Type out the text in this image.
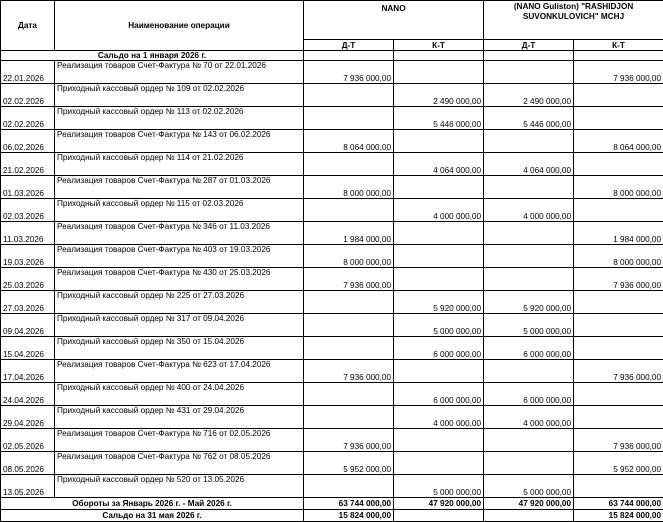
Дата	Наименование операции	NANO		(NANO Guliston) "RASHIDJON
SUVONKULOVICH" MCHJ	
		Д-Т	К-Т	Д-Т	К-Т
Сальдо на 1 января 2026 г.					
22.01.2026	Реализация товаров Счет-Фактура № 70 от 22.01.2026	7 936 000,00			7 936 000,00
02.02.2026	Приходный кассовый ордер № 109 от 02.02.2026		2 490 000,00	2 490 000,00	
02.02.2026	Приходный кассовый ордер № 113 от 02.02.2026		5 446 000,00	5 446 000,00	
06.02.2026	Реализация товаров Счет-Фактура № 143 от 06.02.2026	8 064 000,00			8 064 000,00
21.02.2026	Приходный кассовый ордер № 114 от 21.02.2026		4 064 000,00	4 064 000,00	
01.03.2026	Реализация товаров Счет-Фактура № 287 от 01.03.2026	8 000 000,00			8 000 000,00
02.03.2026	Приходный кассовый ордер № 115 от 02.03.2026		4 000 000,00	4 000 000,00	
11.03.2026	Реализация товаров Счет-Фактура № 346 от 11.03.2026	1 984 000,00			1 984 000,00
19.03.2026	Реализация товаров Счет-Фактура № 403 от 19.03.2026	8 000 000,00			8 000 000,00
25.03.2026	Реализация товаров Счет-Фактура № 430 от 25.03.2026	7 936 000,00			7 936 000,00
27.03.2026	Приходный кассовый ордер № 225 от 27.03.2026		5 920 000,00	5 920 000,00	
09.04.2026	Приходный кассовый ордер № 317 от 09.04.2026		5 000 000,00	5 000 000,00	
15.04.2026	Приходный кассовый ордер № 350 от 15.04.2026		6 000 000,00	6 000 000,00	
17.04.2026	Реализация товаров Счет-Фактура № 623 от 17.04.2026	7 936 000,00			7 936 000,00
24.04.2026	Приходный кассовый ордер № 400 от 24.04.2026		6 000 000,00	6 000 000,00	
29.04.2026	Приходный кассовый ордер № 431 от 29.04.2026		4 000 000,00	4 000 000,00	
02.05.2026	Реализация товаров Счет-Фактура № 716 от 02.05.2026	7 936 000,00			7 936 000,00
08.05.2026	Реализация товаров Счет-Фактура № 762 от 08.05.2026	5 952 000,00			5 952 000,00
13.05.2026	Приходный кассовый ордер № 520 от 13.05.2026		5 000 000,00	5 000 000,00	
Обороты за Январь 2026 г. - Май 2026 г.		63 744 000,00	47 920 000,00	47 920 000,00	63 744 000,00
Сальдо на 31 мая 2026 г.		15 824 000,00			15 824 000,00
